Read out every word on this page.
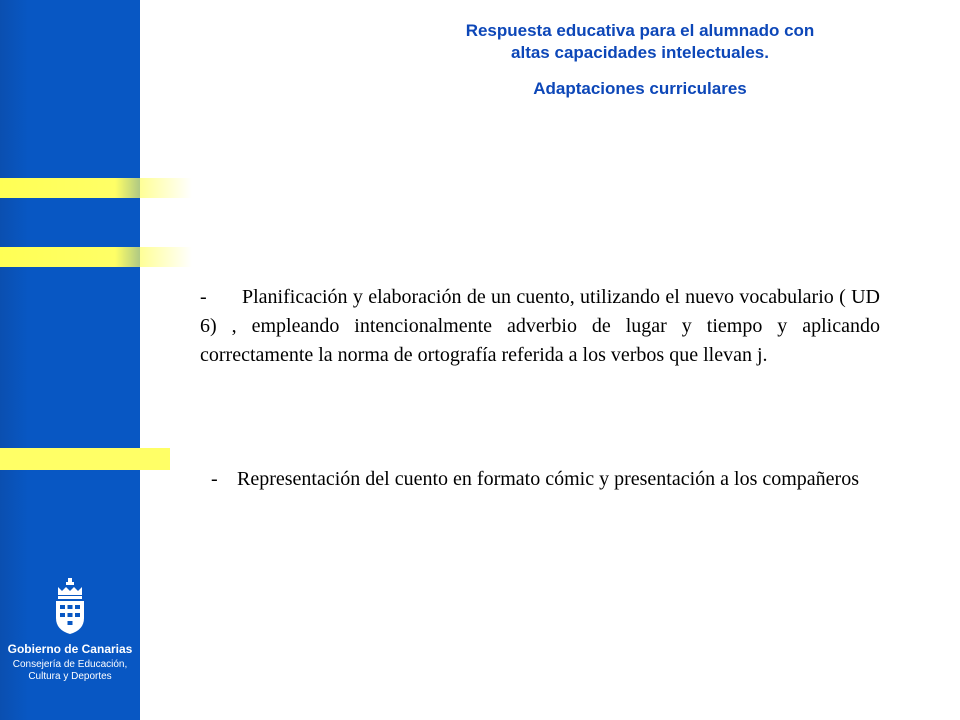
Respuesta educativa para el alumnado con
altas capacidades intelectuales.
Adaptaciones curriculares
- Planificación y elaboración de un cuento, utilizando el nuevo vocabulario ( UD 6) , empleando intencionalmente adverbio de lugar y tiempo y aplicando correctamente la norma de ortografía referida a los verbos que llevan j.
- Representación del cuento en formato cómic y presentación a los compañeros
Gobierno de Canarias
Consejería de Educación,
Cultura y Deportes
